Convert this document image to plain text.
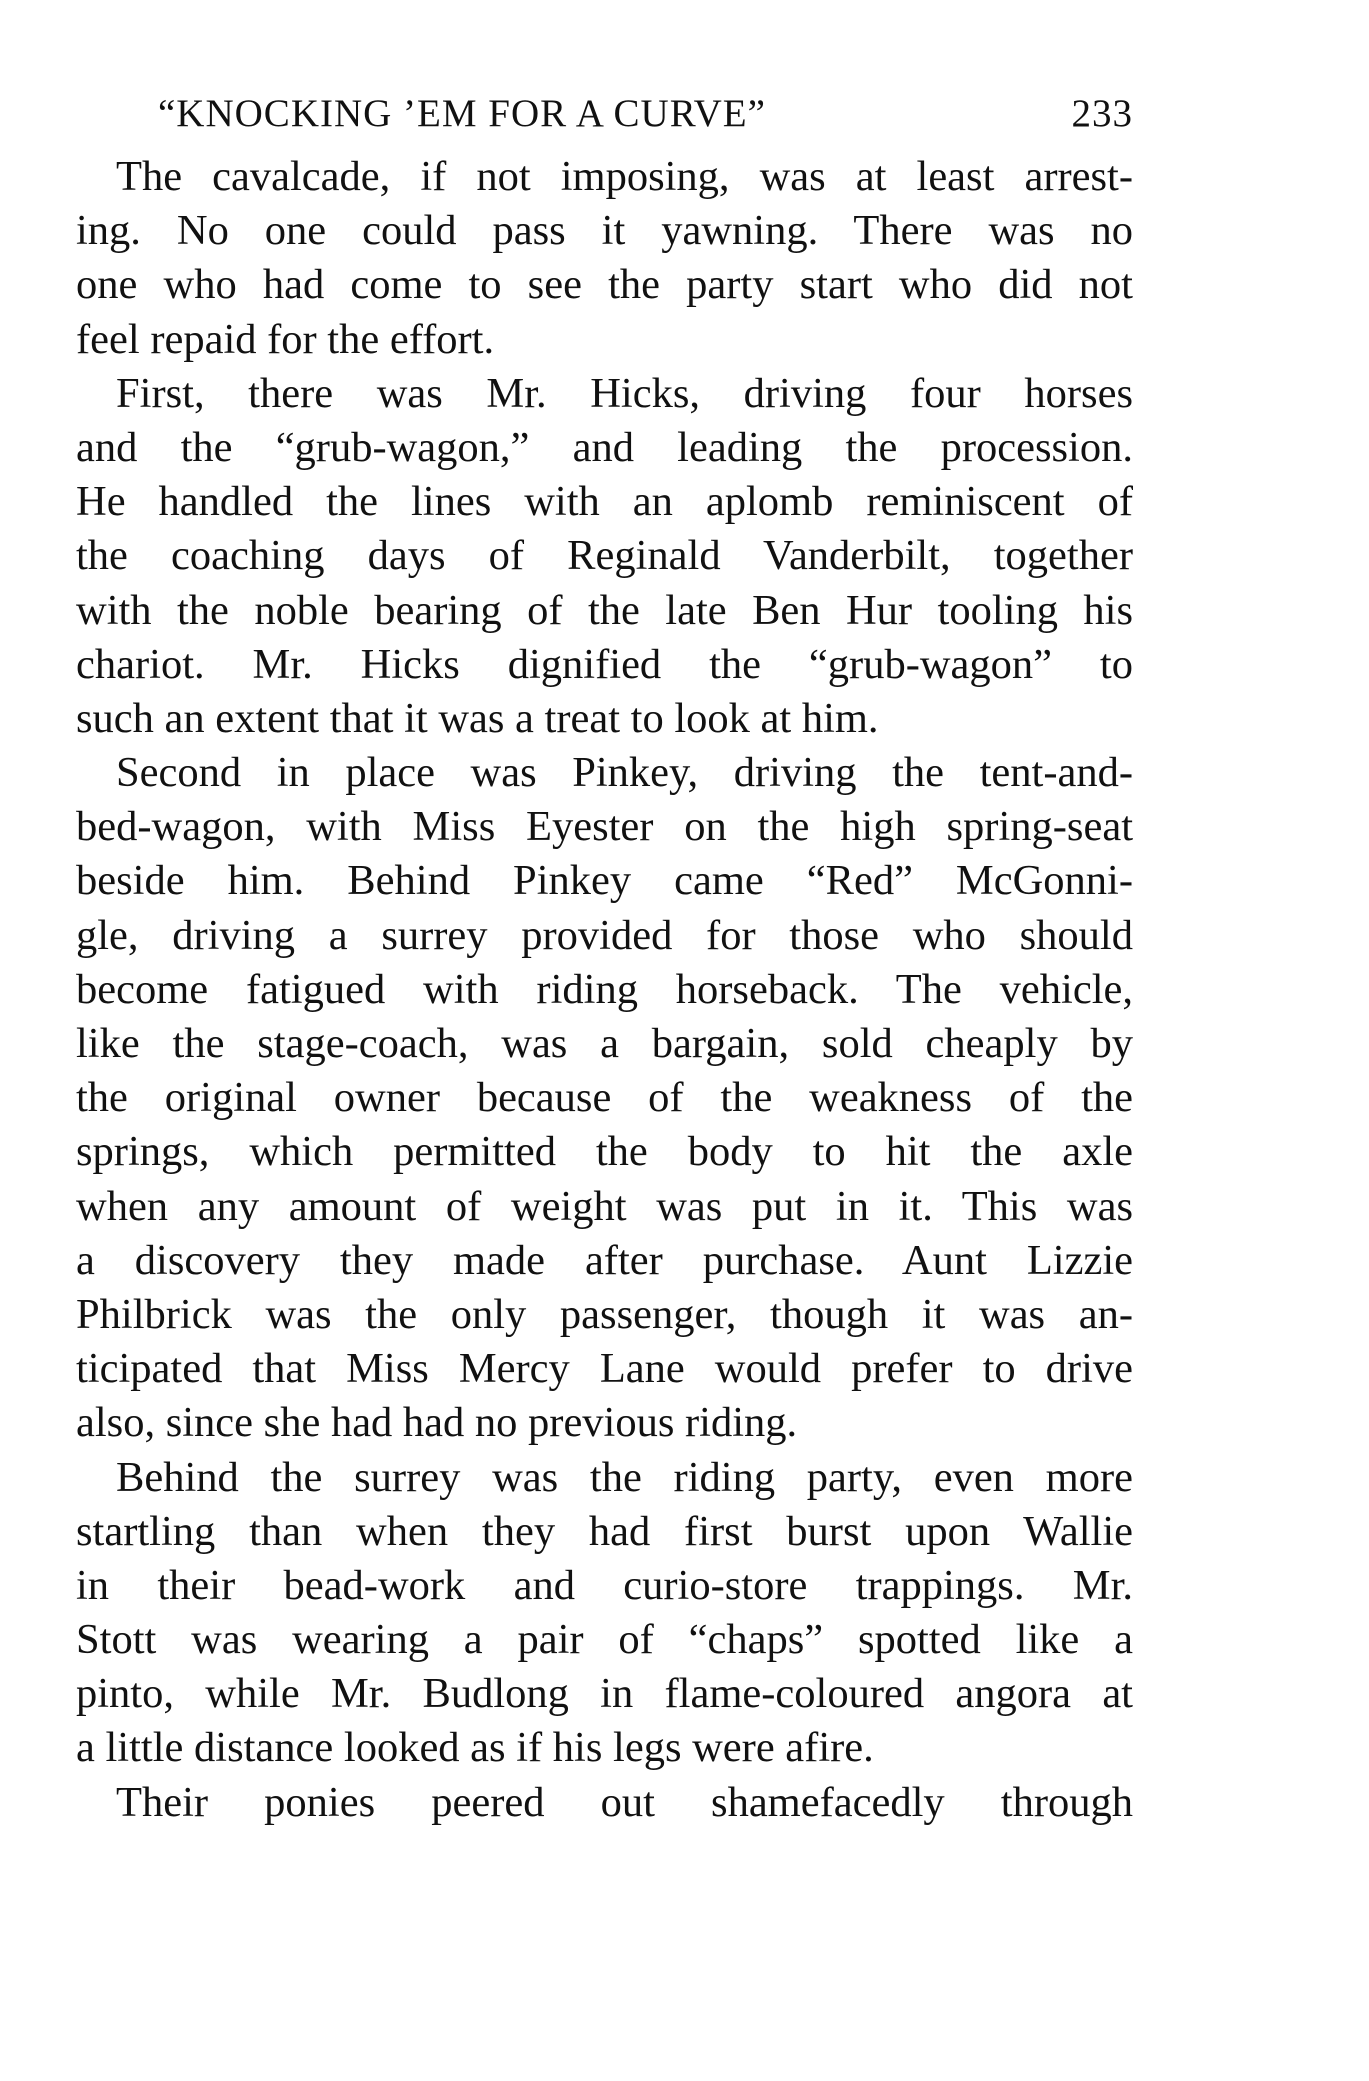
“KNOCKING ’EM FOR A CURVE”	233
The cavalcade, if not imposing, was at least arrest-
ing. No one could pass it yawning. There was no
one who had come to see the party start who did not
feel repaid for the effort.
First, there was Mr. Hicks, driving four horses
and the “grub-wagon,” and leading the procession.
He handled the lines with an aplomb reminiscent of
the coaching days of Reginald Vanderbilt, together
with the noble bearing of the late Ben Hur tooling his
chariot. Mr. Hicks dignified the “grub-wagon” to
such an extent that it was a treat to look at him.
Second in place was Pinkey, driving the tent-and-
bed-wagon, with Miss Eyester on the high spring-seat
beside him. Behind Pinkey came “Red” McGonni-
gle, driving a surrey provided for those who should
become fatigued with riding horseback. The vehicle,
like the stage-coach, was a bargain, sold cheaply by
the original owner because of the weakness of the
springs, which permitted the body to hit the axle
when any amount of weight was put in it. This was
a discovery they made after purchase. Aunt Lizzie
Philbrick was the only passenger, though it was an-
ticipated that Miss Mercy Lane would prefer to drive
also, since she had had no previous riding.
Behind the surrey was the riding party, even more
startling than when they had first burst upon Wallie
in their bead-work and curio-store trappings. Mr.
Stott was wearing a pair of “chaps” spotted like a
pinto, while Mr. Budlong in flame-coloured angora at
a little distance looked as if his legs were afire.
Their ponies peered out shamefacedly through
